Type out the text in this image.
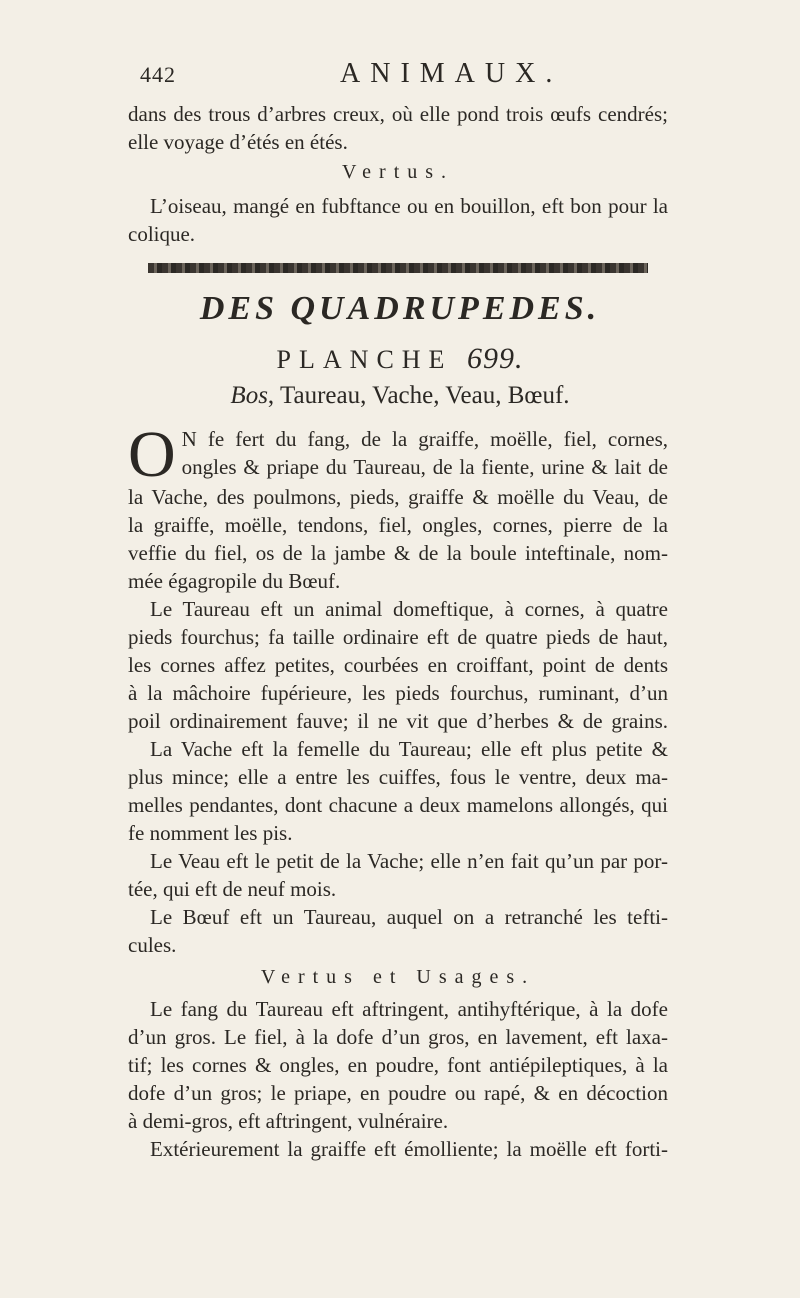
442	ANIMAUX.
dans des trous d’arbres creux, où elle pond trois œufs cendrés;
elle voyage d’étés en étés.
Vertus.
L’oiseau, mangé en fubftance ou en bouillon, eft bon pour la
colique.
DES QUADRUPEDES.
PLANCHE 699.
Bos, Taureau, Vache, Veau, Bœuf.
O N fe fert du fang, de la graiffe, moëlle, fiel, cornes,
ongles & priape du Taureau, de la fiente, urine & lait de
la Vache, des poulmons, pieds, graiffe & moëlle du Veau, de
la graiffe, moëlle, tendons, fiel, ongles, cornes, pierre de la
veffie du fiel, os de la jambe & de la boule inteftinale, nom-
mée égagropile du Bœuf.
Le Taureau eft un animal domeftique, à cornes, à quatre
pieds fourchus; fa taille ordinaire eft de quatre pieds de haut,
les cornes affez petites, courbées en croiffant, point de dents
à la mâchoire fupérieure, les pieds fourchus, ruminant, d’un
poil ordinairement fauve; il ne vit que d’herbes & de grains.
La Vache eft la femelle du Taureau; elle eft plus petite &
plus mince; elle a entre les cuiffes, fous le ventre, deux ma-
melles pendantes, dont chacune a deux mamelons allongés, qui
fe nomment les pis.
Le Veau eft le petit de la Vache; elle n’en fait qu’un par por-
tée, qui eft de neuf mois.
Le Bœuf eft un Taureau, auquel on a retranché les tefti-
cules.
Vertus et Usages.
Le fang du Taureau eft aftringent, antihyftérique, à la dofe
d’un gros. Le fiel, à la dofe d’un gros, en lavement, eft laxa-
tif; les cornes & ongles, en poudre, font antiépileptiques, à la
dofe d’un gros; le priape, en poudre ou rapé, & en décoction
à demi-gros, eft aftringent, vulnéraire.
Extérieurement la graiffe eft émolliente; la moëlle eft forti-
